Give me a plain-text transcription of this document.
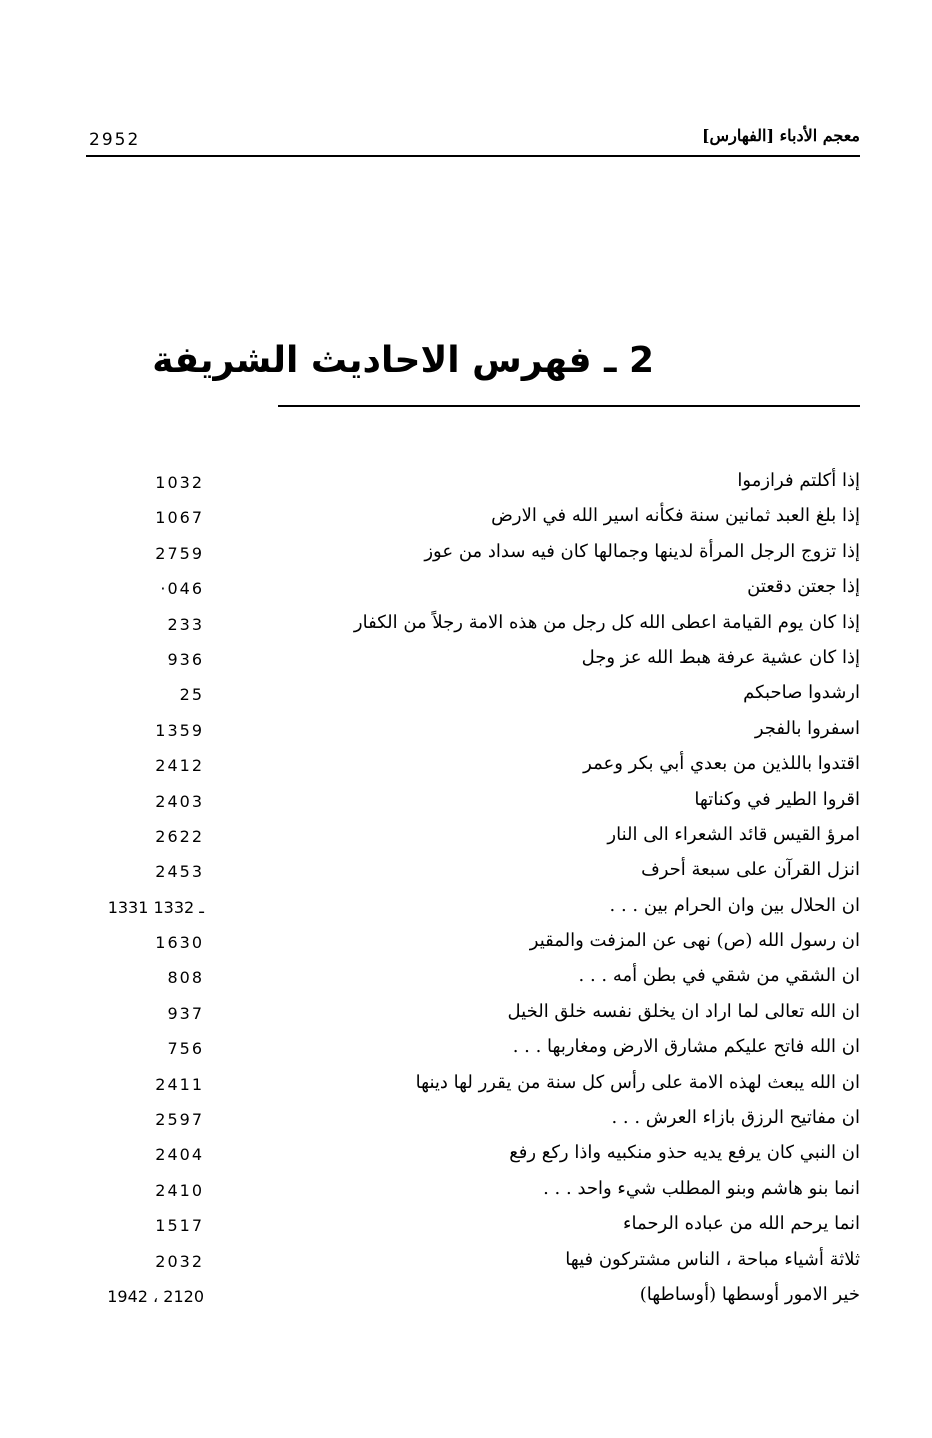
2952	معجم الأدباء [الفهارس]
2 ـ فهرس الاحاديث الشريفة
إذا أكلتم فرازموا
1032
إذا بلغ العبد ثمانين سنة فكأنه اسير الله في الارض
1067
إذا تزوج الرجل المرأة لدينها وجمالها كان فيه سداد من عوز
2759
إذا جعتن دقعتن
·046
إذا كان يوم القيامة اعطى الله كل رجل من هذه الامة رجلاً من الكفار
233
إذا كان عشية عرفة هبط الله عز وجل
936
ارشدوا صاحبكم
25
اسفروا بالفجر
1359
اقتدوا باللذين من بعدي أبي بكر وعمر
2412
اقروا الطير في وكناتها
2403
امرؤ القيس قائد الشعراء الى النار
2622
انزل القرآن على سبعة أحرف
2453
ان الحلال بين وان الحرام بين . . .
1331 ـ 1332
ان رسول الله (ص) نهى عن المزفت والمقير
1630
ان الشقي من شقي في بطن أمه . . .
808
ان الله تعالى لما اراد ان يخلق نفسه خلق الخيل
937
ان الله فاتح عليكم مشارق الارض ومغاربها . . .
756
ان الله يبعث لهذه الامة على رأس كل سنة من يقرر لها دينها
2411
ان مفاتيح الرزق بازاء العرش . . .
2597
ان النبي كان يرفع يديه حذو منكبيه واذا ركع رفع
2404
انما بنو هاشم وبنو المطلب شيء واحد . . .
2410
انما يرحم الله من عباده الرحماء
1517
ثلاثة أشياء مباحة ، الناس مشتركون فيها
2032
خير الامور أوسطها (أوساطها)
1942 ، 2120
